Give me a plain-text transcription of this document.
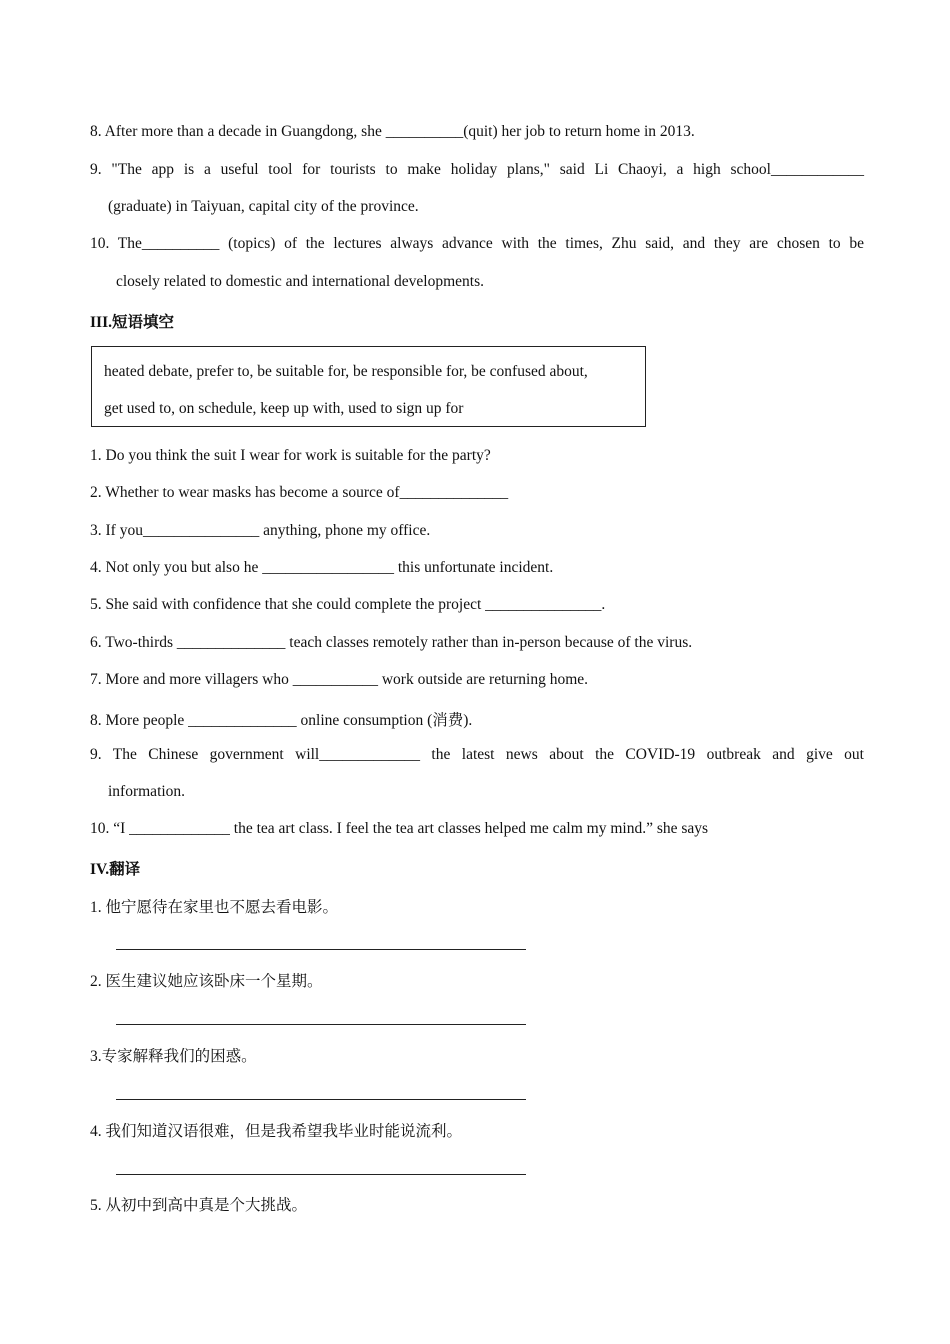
8. After more than a decade in Guangdong, she __________(quit) her job to return home in 2013.
9. "The app is a useful tool for tourists to make holiday plans," said Li Chaoyi, a high school____________
(graduate) in Taiyuan, capital city of the province.
10. The__________ (topics) of the lectures always advance with the times, Zhu said, and they are chosen to be
closely related to domestic and international developments.
III.短语填空
heated debate, prefer to, be suitable for, be responsible for, be confused about,
get used to, on schedule, keep up with, used to sign up for
1. Do you think the suit I wear for work is suitable for the party?
2. Whether to wear masks has become a source of______________
3. If you_______________ anything, phone my office.
4. Not only you but also he _________________ this unfortunate incident.
5. She said with confidence that she could complete the project _______________.
6. Two-thirds ______________ teach classes remotely rather than in-person because of the virus.
7. More and more villagers who ___________ work outside are returning home.
8. More people ______________ online consumption (消费).
9. The Chinese government will_____________ the latest news about the COVID-19 outbreak and give out
information.
10. “I _____________ the tea art class. I feel the tea art classes helped me calm my mind.” she says
IV.翻译
1. 他宁愿待在家里也不愿去看电影。
2. 医生建议她应该卧床一个星期。
3.专家解释我们的困惑。
4. 我们知道汉语很难，但是我希望我毕业时能说流利。
5. 从初中到高中真是个大挑战。
